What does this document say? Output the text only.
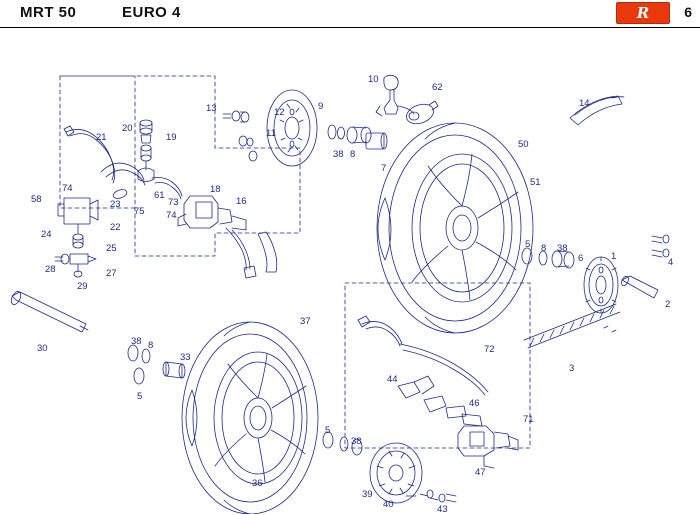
MRT 50	EURO 4	R	6
10
62
14
13	12
9
21
20
19	11
50
38 8
7
51
58
74
61
73
18
16
23
75 74
22
24
25	5 8 38
6	1
4
28	27
29
2
37
30
38 8
33
72
3
5
44
46
71
5
38
47
39
43
36
40
